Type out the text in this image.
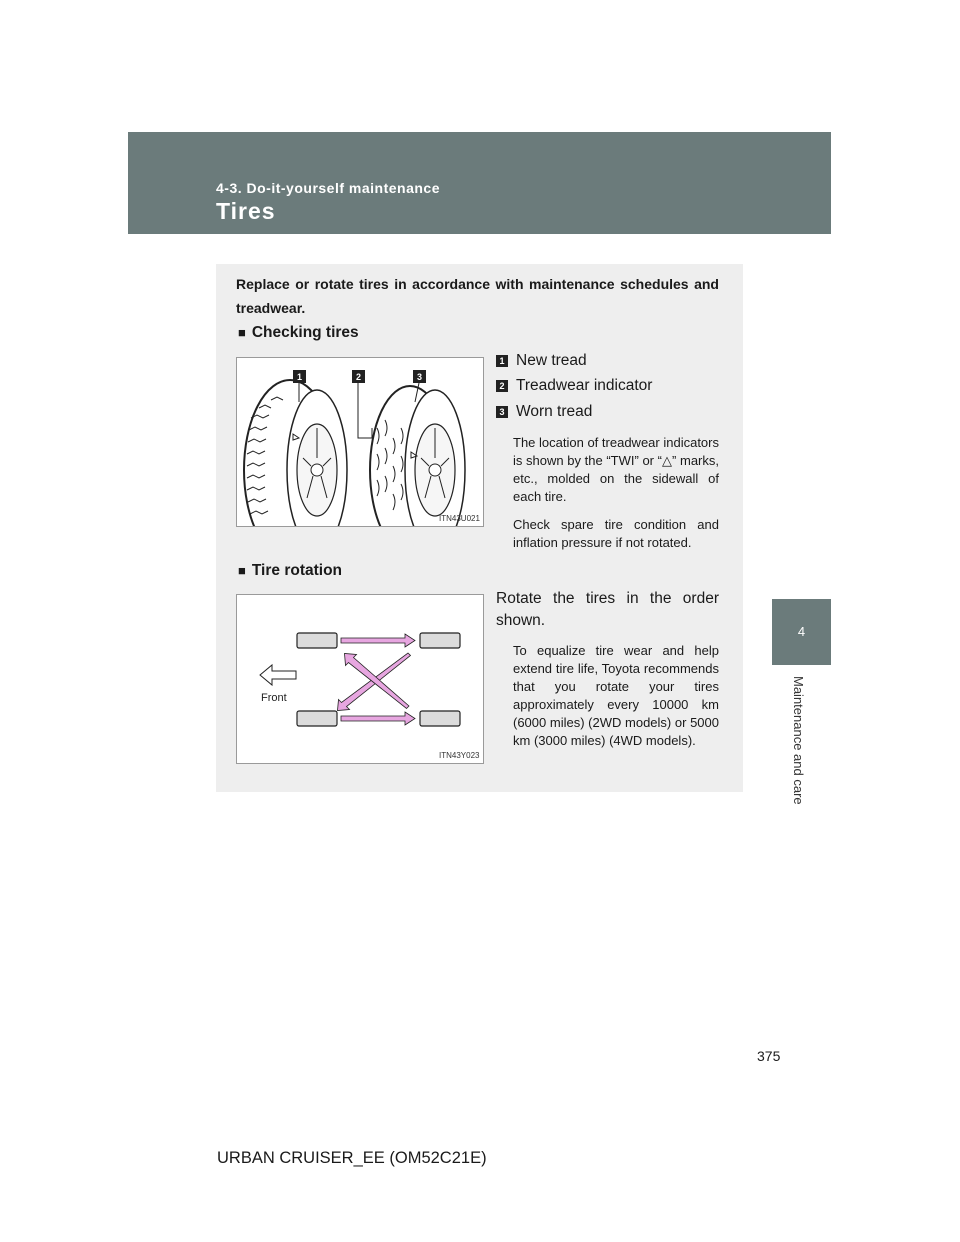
4-3. Do-it-yourself maintenance
Tires
4
Maintenance and care
Replace or rotate tires in accordance with maintenance schedules and treadwear.
■ Checking tires
1	2	3
ITN43U021
1 New tread
2 Treadwear indicator
3 Worn tread
The location of treadwear indicators is shown by the “TWI” or “△” marks, etc., molded on the sidewall of each tire.
Check spare tire condition and inflation pressure if not rotated.
■ Tire rotation
Front
ITN43Y023
Rotate the tires in the order shown.
To equalize tire wear and help extend tire life, Toyota recommends that you rotate your tires approximately every 10000 km (6000 miles) (2WD models) or 5000 km (3000 miles) (4WD models).
375
URBAN CRUISER_EE (OM52C21E)
